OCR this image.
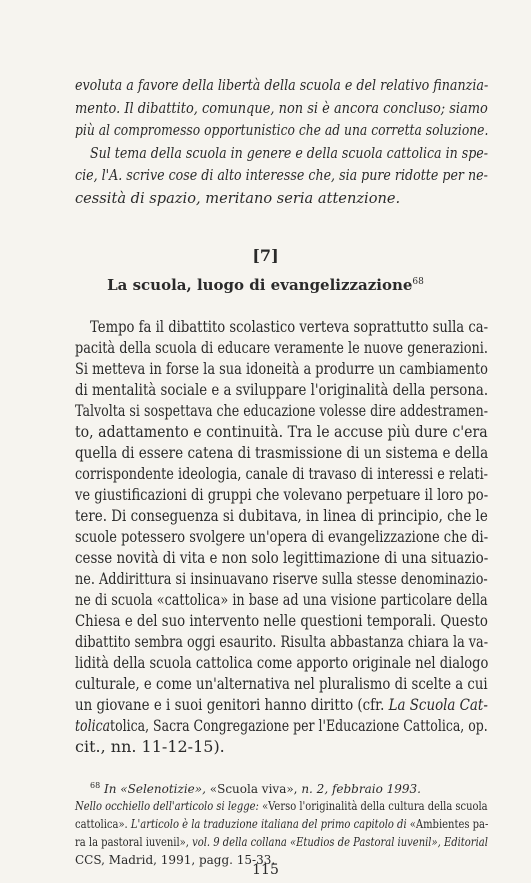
evoluta a favore della libertà della scuola e del relativo finanzia-
mento. Il dibattito, comunque, non si è ancora concluso; siamo
più al compromesso opportunistico che ad una corretta soluzione.
Sul tema della scuola in genere e della scuola cattolica in spe-
cie, l'A. scrive cose di alto interesse che, sia pure ridotte per ne-
cessità di spazio, meritano seria attenzione.
[7]
La scuola, luogo di evangelizzazione$^{68}$
Tempo fa il dibattito scolastico verteva soprattutto sulla ca-
pacità della scuola di educare veramente le nuove generazioni.
Si metteva in forse la sua idoneità a produrre un cambiamento
di mentalità sociale e a sviluppare l'originalità della persona.
Talvolta si sospettava che educazione volesse dire addestramen-
to, adattamento e continuità. Tra le accuse più dure c'era
quella di essere catena di trasmissione di un sistema e della
corrispondente ideologia, canale di travaso di interessi e relati-
ve giustificazioni di gruppi che volevano perpetuare il loro po-
tere. Di conseguenza si dubitava, in linea di principio, che le
scuole potessero svolgere un'opera di evangelizzazione che di-
cesse novità di vita e non solo legittimazione di una situazio-
ne. Addirittura si insinuavano riserve sulla stesse denominazio-
ne di scuola «cattolica» in base ad una visione particolare della
Chiesa e del suo intervento nelle questioni temporali. Questo
dibattito sembra oggi esaurito. Risulta abbastanza chiara la va-
lidità della scuola cattolica come apporto originale nel dialogo
culturale, e come un'alternativa nel pluralismo di scelte a cui
un giovane e i suoi genitori hanno diritto (cfr. La Scuola Cat-
tolicatolica, Sacra Congregazione per l'Educazione Cattolica, op.
cit., nn. 11-12-15).
$^{68}$ In «Selenotizie», «Scuola viva», n. 2, febbraio 1993.
Nello occhiello dell'articolo si legge: «Verso l'originalità della cultura della scuola
cattolica». L'articolo è la traduzione italiana del primo capitolo di «Ambientes pa-
ra la pastoral iuvenil», vol. 9 della collana «Etudios de Pastoral iuvenil», Editorial
CCS, Madrid, 1991, pagg. 15-33.
115
